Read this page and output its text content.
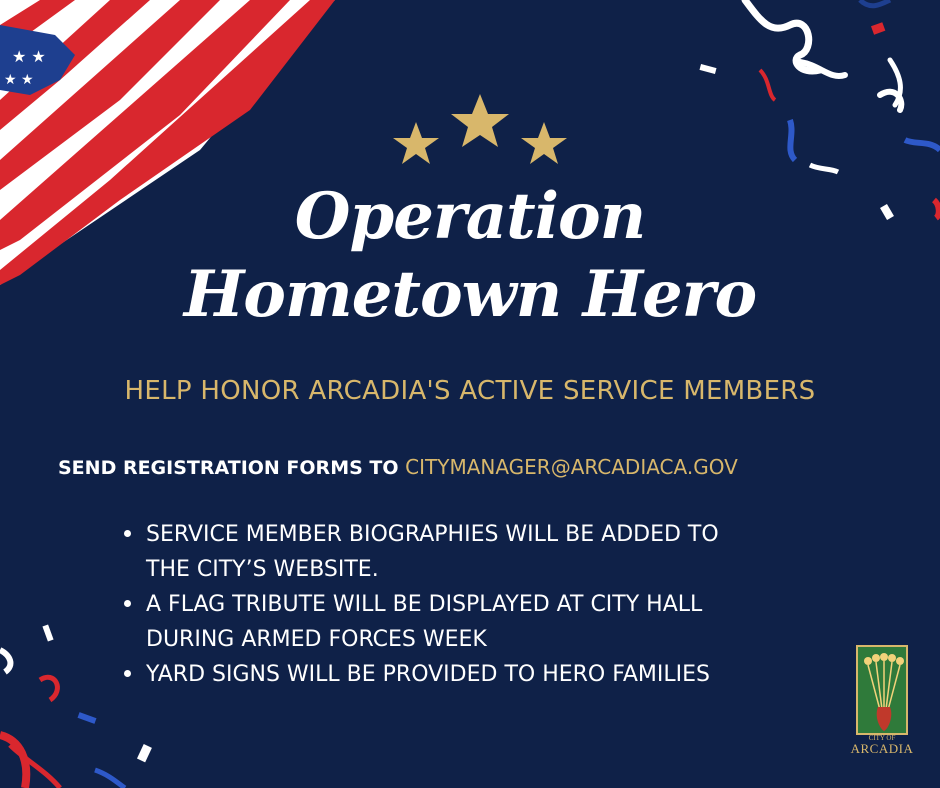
★ ★
★ ★
Operation
Hometown Hero
HELP HONOR ARCADIA'S ACTIVE SERVICE MEMBERS
SEND REGISTRATION FORMS TO CITYMANAGER@ARCADIACA.GOV
SERVICE MEMBER BIOGRAPHIES WILL BE ADDED TO
THE CITY’S WEBSITE.
A FLAG TRIBUTE WILL BE DISPLAYED AT CITY HALL
DURING ARMED FORCES WEEK
YARD SIGNS WILL BE PROVIDED TO HERO FAMILIES
CITY OF
ARCADIA
